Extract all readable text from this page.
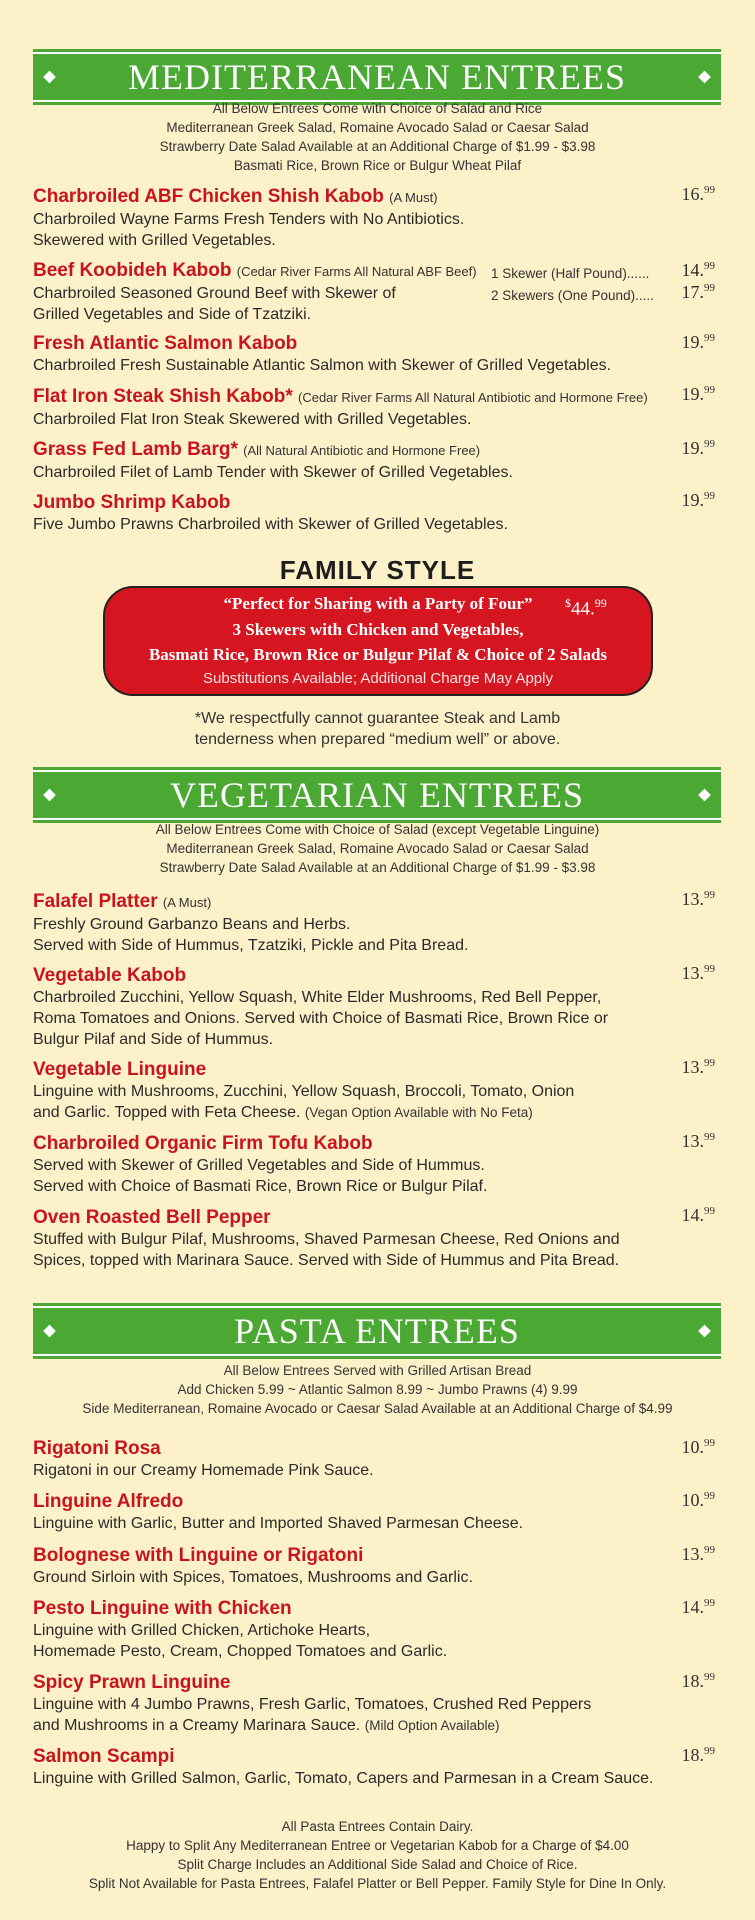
MEDITERRANEAN ENTREES
All Below Entrees Come with Choice of Salad and Rice
Mediterranean Greek Salad, Romaine Avocado Salad or Caesar Salad
Strawberry Date Salad Available at an Additional Charge of $1.99 - $3.98
Basmati Rice, Brown Rice or Bulgur Wheat Pilaf
Charbroiled ABF Chicken Shish Kabob (A Must)
Charbroiled Wayne Farms Fresh Tenders with No Antibiotics.
Skewered with Grilled Vegetables.
16.99
Beef Koobideh Kabob (Cedar River Farms All Natural ABF Beef)
Charbroiled Seasoned Ground Beef with Skewer of
Grilled Vegetables and Side of Tzatziki.
1 Skewer (Half Pound)...... 14.99
2 Skewers (One Pound)..... 17.99
Fresh Atlantic Salmon Kabob
Charbroiled Fresh Sustainable Atlantic Salmon with Skewer of Grilled Vegetables.
19.99
Flat Iron Steak Shish Kabob* (Cedar River Farms All Natural Antibiotic and Hormone Free)
Charbroiled Flat Iron Steak Skewered with Grilled Vegetables.
19.99
Grass Fed Lamb Barg* (All Natural Antibiotic and Hormone Free)
Charbroiled Filet of Lamb Tender with Skewer of Grilled Vegetables.
19.99
Jumbo Shrimp Kabob
Five Jumbo Prawns Charbroiled with Skewer of Grilled Vegetables.
19.99
FAMILY STYLE
“Perfect for Sharing with a Party of Four”	$44.99
3 Skewers with Chicken and Vegetables,
Basmati Rice, Brown Rice or Bulgur Pilaf & Choice of 2 Salads
Substitutions Available; Additional Charge May Apply
*We respectfully cannot guarantee Steak and Lamb
tenderness when prepared “medium well” or above.
VEGETARIAN ENTREES
All Below Entrees Come with Choice of Salad (except Vegetable Linguine)
Mediterranean Greek Salad, Romaine Avocado Salad or Caesar Salad
Strawberry Date Salad Available at an Additional Charge of $1.99 - $3.98
Falafel Platter (A Must)
Freshly Ground Garbanzo Beans and Herbs.
Served with Side of Hummus, Tzatziki, Pickle and Pita Bread.
13.99
Vegetable Kabob
Charbroiled Zucchini, Yellow Squash, White Elder Mushrooms, Red Bell Pepper,
Roma Tomatoes and Onions. Served with Choice of Basmati Rice, Brown Rice or
Bulgur Pilaf and Side of Hummus.
13.99
Vegetable Linguine
Linguine with Mushrooms, Zucchini, Yellow Squash, Broccoli, Tomato, Onion
and Garlic. Topped with Feta Cheese. (Vegan Option Available with No Feta)
13.99
Charbroiled Organic Firm Tofu Kabob
Served with Skewer of Grilled Vegetables and Side of Hummus.
Served with Choice of Basmati Rice, Brown Rice or Bulgur Pilaf.
13.99
Oven Roasted Bell Pepper
Stuffed with Bulgur Pilaf, Mushrooms, Shaved Parmesan Cheese, Red Onions and
Spices, topped with Marinara Sauce. Served with Side of Hummus and Pita Bread.
14.99
PASTA ENTREES
All Below Entrees Served with Grilled Artisan Bread
Add Chicken 5.99 ~ Atlantic Salmon 8.99 ~ Jumbo Prawns (4) 9.99
Side Mediterranean, Romaine Avocado or Caesar Salad Available at an Additional Charge of $4.99
Rigatoni Rosa
Rigatoni in our Creamy Homemade Pink Sauce.
10.99
Linguine Alfredo
Linguine with Garlic, Butter and Imported Shaved Parmesan Cheese.
10.99
Bolognese with Linguine or Rigatoni
Ground Sirloin with Spices, Tomatoes, Mushrooms and Garlic.
13.99
Pesto Linguine with Chicken
Linguine with Grilled Chicken, Artichoke Hearts,
Homemade Pesto, Cream, Chopped Tomatoes and Garlic.
14.99
Spicy Prawn Linguine
Linguine with 4 Jumbo Prawns, Fresh Garlic, Tomatoes, Crushed Red Peppers
and Mushrooms in a Creamy Marinara Sauce. (Mild Option Available)
18.99
Salmon Scampi
Linguine with Grilled Salmon, Garlic, Tomato, Capers and Parmesan in a Cream Sauce.
18.99
All Pasta Entrees Contain Dairy.
Happy to Split Any Mediterranean Entree or Vegetarian Kabob for a Charge of $4.00
Split Charge Includes an Additional Side Salad and Choice of Rice.
Split Not Available for Pasta Entrees, Falafel Platter or Bell Pepper. Family Style for Dine In Only.
